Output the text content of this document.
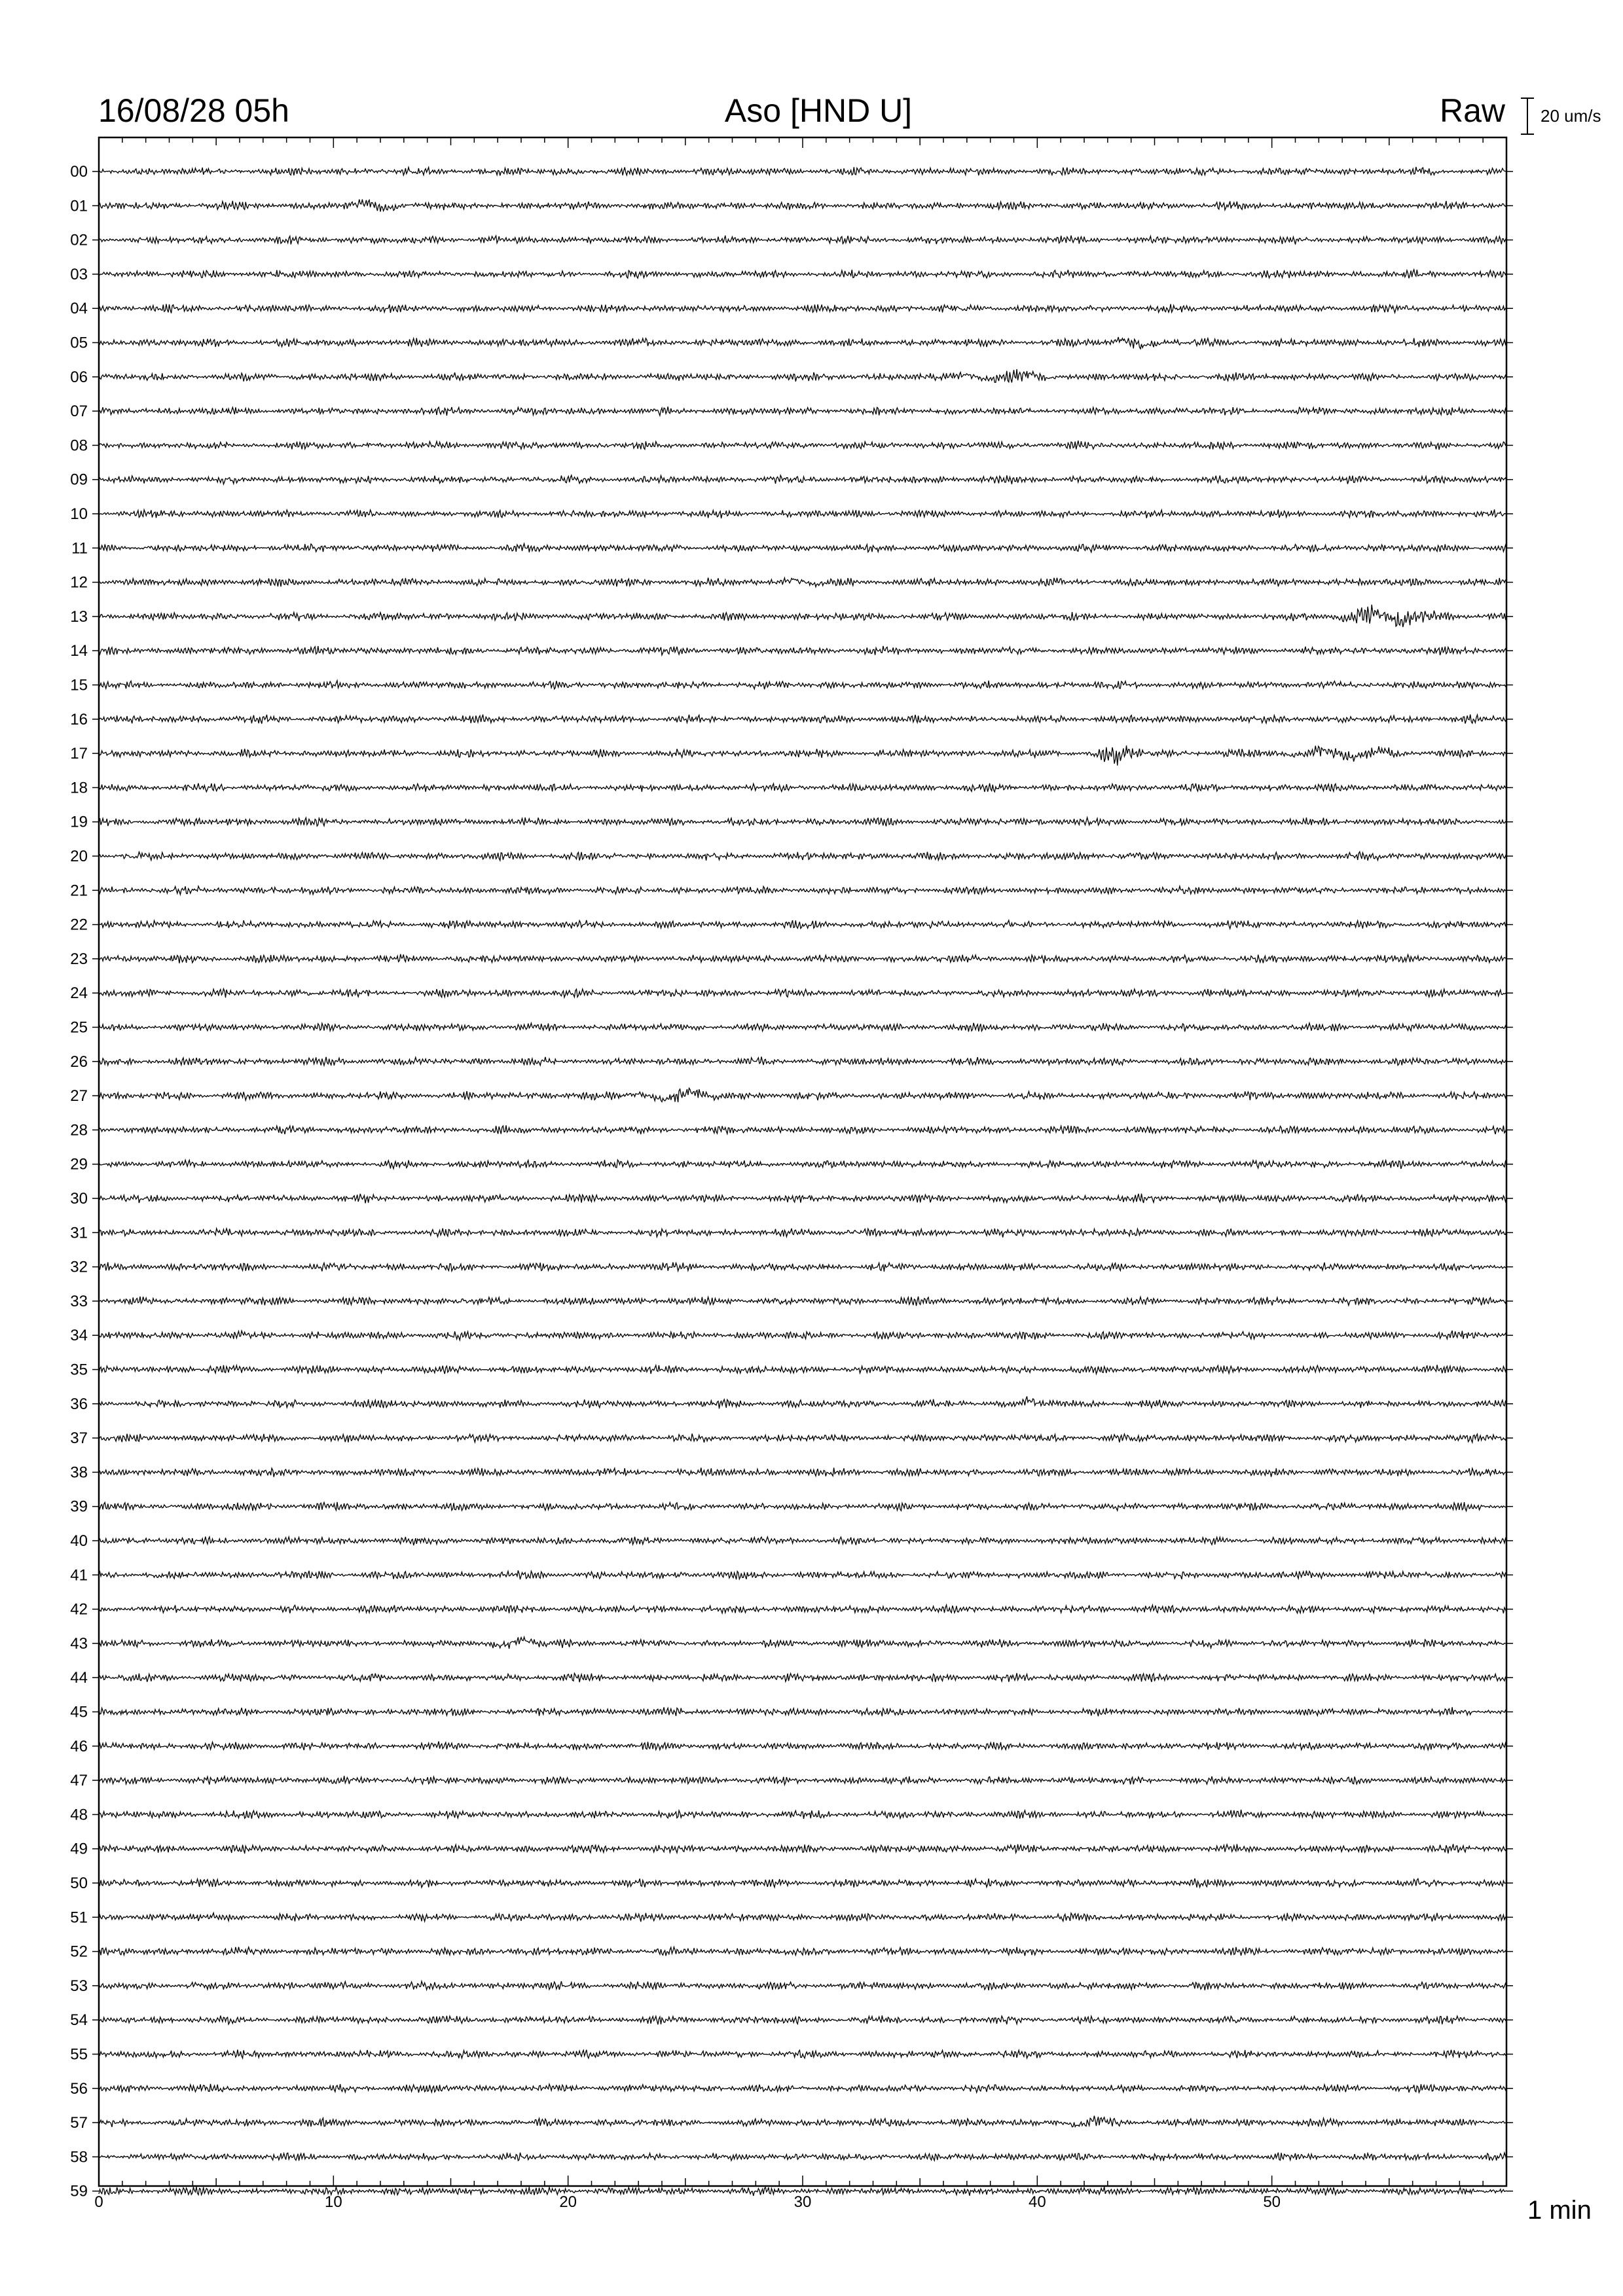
16/08/28 05h	Aso [HND U]	Raw 20 um/s
1 min
00
01
02
03
04
05
06
07
08
09
10
11
12
13
14
15
16
17
18
19
20
21
22
23
24
25
26
27
28
29
30
31
32
33
34
35
36
37
38
39
40
41
42
43
44
45
46
47
48
49
50
51
52
53
54
55
56
57
58
59
0	10	20	30	40	50
